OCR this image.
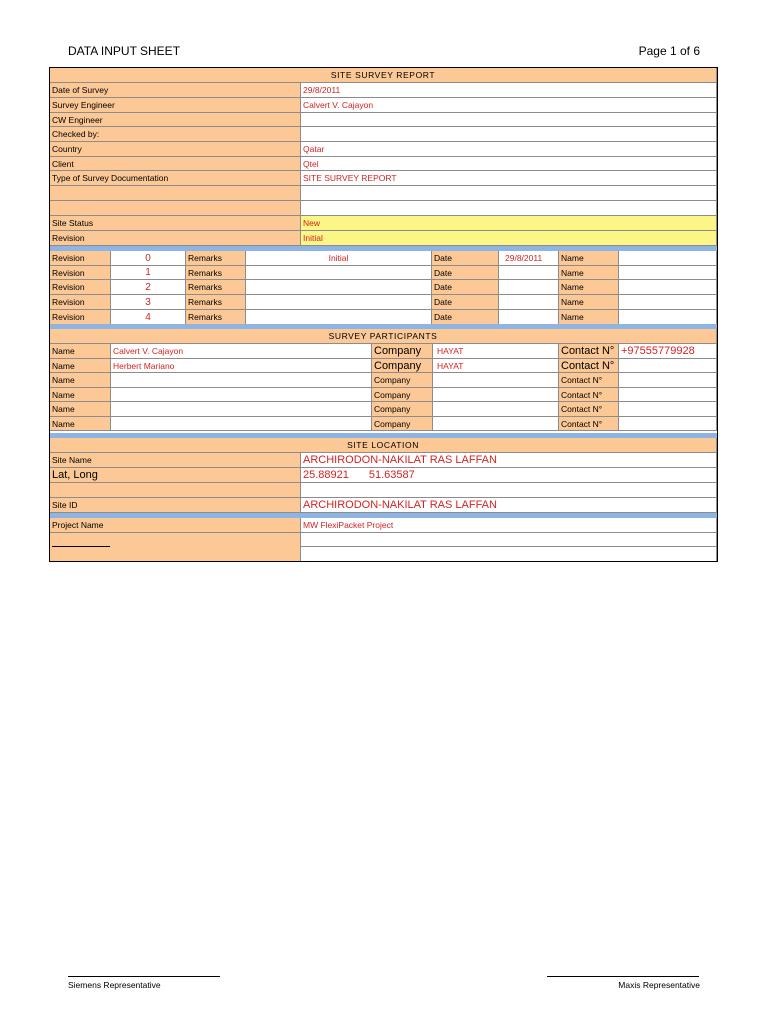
DATA INPUT SHEET	Page 1 of 6
SITE SURVEY REPORT
Date of Survey	29/8/2011
Survey Engineer	Calvert V. Cajayon
CW Engineer
Checked by:
Country	Qatar
Client	Qtel
Type of Survey Documentation	SITE SURVEY REPORT
Site Status	New
Revision	Initial
Revision	0	Remarks	Initial	Date	29/8/2011	Name
Revision	1	Remarks	Date	Name
Revision	2	Remarks	Date	Name
Revision	3	Remarks	Date	Name
Revision	4	Remarks	Date	Name
SURVEY PARTICIPANTS
Name	Calvert V. Cajayon	Company	HAYAT	Contact N° +97555779928
Name	Herbert Mariano	Company	HAYAT	Contact N°
Name	Company	Contact N°
Name	Company	Contact N°
Name	Company	Contact N°
Name	Company	Contact N°
SITE LOCATION
Site Name	ARCHIRODON-NAKILAT RAS LAFFAN
Lat, Long	25.88921 51.63587
Site ID	ARCHIRODON-NAKILAT RAS LAFFAN
Project Name	MW FlexiPacket Project
Siemens Representative	Maxis Representative
